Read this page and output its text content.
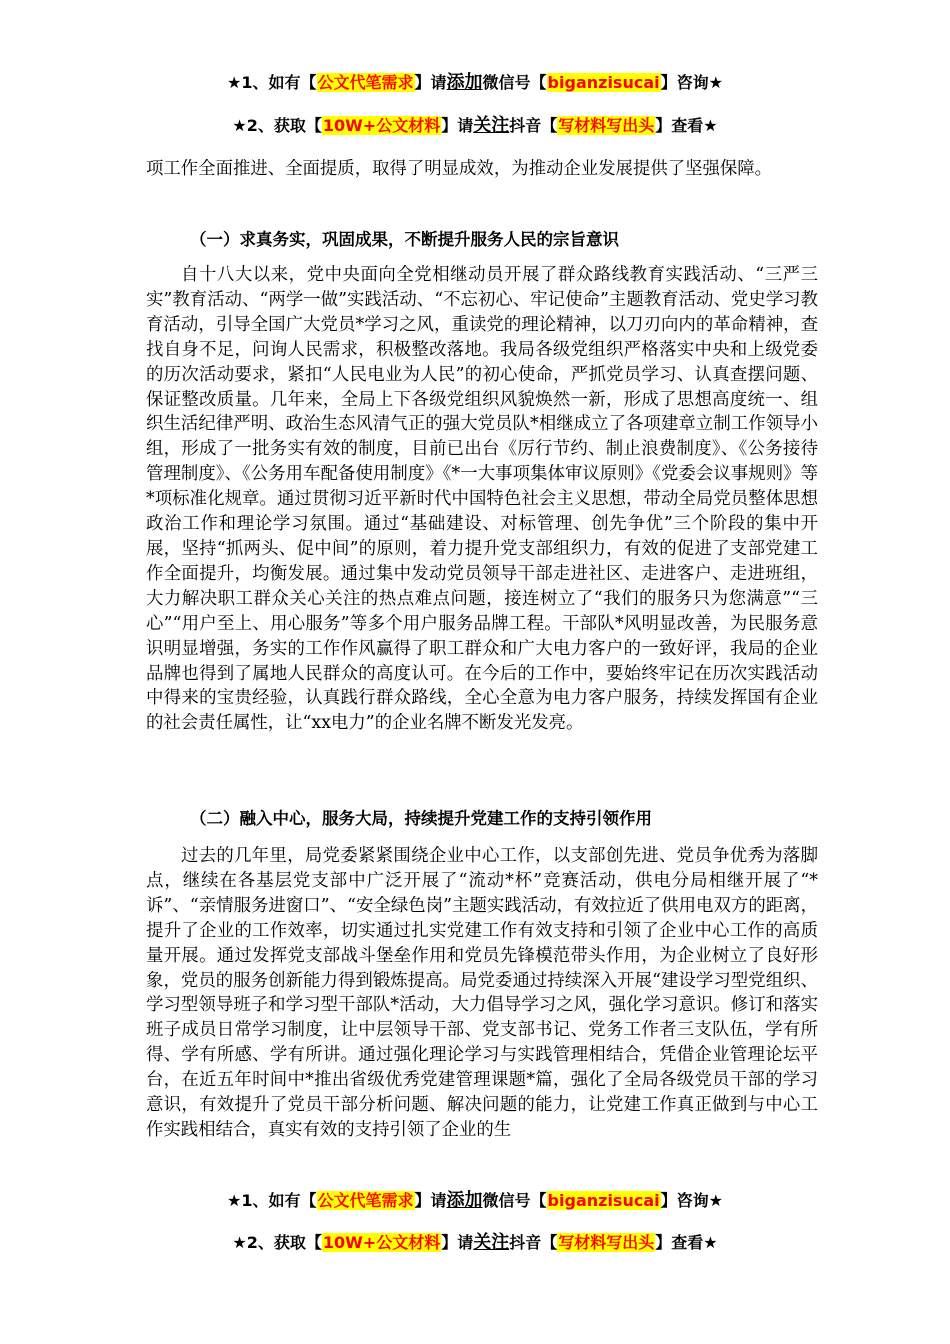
★1、如有【公文代笔需求】请添加微信号【biganzisucai】咨询★
★2、获取【10W+公文材料】请关注抖音【写材料写出头】查看★

项工作全面推进、全面提质，取得了明显成效，为推动企业发展提供了坚强保障。

（一）求真务实，巩固成果，不断提升服务人民的宗旨意识

自十八大以来，党中央面向全党相继动员开展了群众路线教育实践活动、“三严三实”教育活动、“两学一做”实践活动、“不忘初心、牢记使命”主题教育活动、党史学习教育活动，引导全国广大党员*学习之风，重读党的理论精神，以刀刃向内的革命精神，查找自身不足，问询人民需求，积极整改落地。我局各级党组织严格落实中央和上级党委的历次活动要求，紧扣“人民电业为人民”的初心使命，严抓党员学习、认真查摆问题、保证整改质量。几年来，全局上下各级党组织风貌焕然一新，形成了思想高度统一、组织生活纪律严明、政治生态风清气正的强大党员队*相继成立了各项建章立制工作领导小组，形成了一批务实有效的制度，目前已出台《厉行节约、制止浪费制度》、《公务接待管理制度》、《公务用车配备使用制度》《*一大事项集体审议原则》《党委会议事规则》等*项标准化规章。通过贯彻习近平新时代中国特色社会主义思想，带动全局党员整体思想政治工作和理论学习氛围。通过“基础建设、对标管理、创先争优”三个阶段的集中开展，坚持“抓两头、促中间”的原则，着力提升党支部组织力，有效的促进了支部党建工作全面提升，均衡发展。通过集中发动党员领导干部走进社区、走进客户、走进班组，大力解决职工群众关心关注的热点难点问题，接连树立了“我们的服务只为您满意”“三心”“用户至上、用心服务”等多个用户服务品牌工程。干部队*风明显改善，为民服务意识明显增强，务实的工作作风赢得了职工群众和广大电力客户的一致好评，我局的企业品牌也得到了属地人民群众的高度认可。在今后的工作中，要始终牢记在历次实践活动中得来的宝贵经验，认真践行群众路线，全心全意为电力客户服务，持续发挥国有企业的社会责任属性，让“xx电力”的企业名牌不断发光发亮。

（二）融入中心，服务大局，持续提升党建工作的支持引领作用

过去的几年里，局党委紧紧围绕企业中心工作，以支部创先进、党员争优秀为落脚点，继续在各基层党支部中广泛开展了“流动*杯”竞赛活动，供电分局相继开展了“*诉”、“亲情服务进窗口”、“安全绿色岗”主题实践活动，有效拉近了供用电双方的距离，提升了企业的工作效率，切实通过扎实党建工作有效支持和引领了企业中心工作的高质量开展。通过发挥党支部战斗堡垒作用和党员先锋模范带头作用，为企业树立了良好形象，党员的服务创新能力得到锻炼提高。局党委通过持续深入开展“建设学习型党组织、学习型领导班子和学习型干部队*活动，大力倡导学习之风，强化学习意识。修订和落实班子成员日常学习制度，让中层领导干部、党支部书记、党务工作者三支队伍，学有所得、学有所感、学有所讲。通过强化理论学习与实践管理相结合，凭借企业管理论坛平台，在近五年时间中*推出省级优秀党建管理课题*篇，强化了全局各级党员干部的学习意识，有效提升了党员干部分析问题、解决问题的能力，让党建工作真正做到与中心工作实践相结合，真实有效的支持引领了企业的生

★1、如有【公文代笔需求】请添加微信号【biganzisucai】咨询★
★2、获取【10W+公文材料】请关注抖音【写材料写出头】查看★
